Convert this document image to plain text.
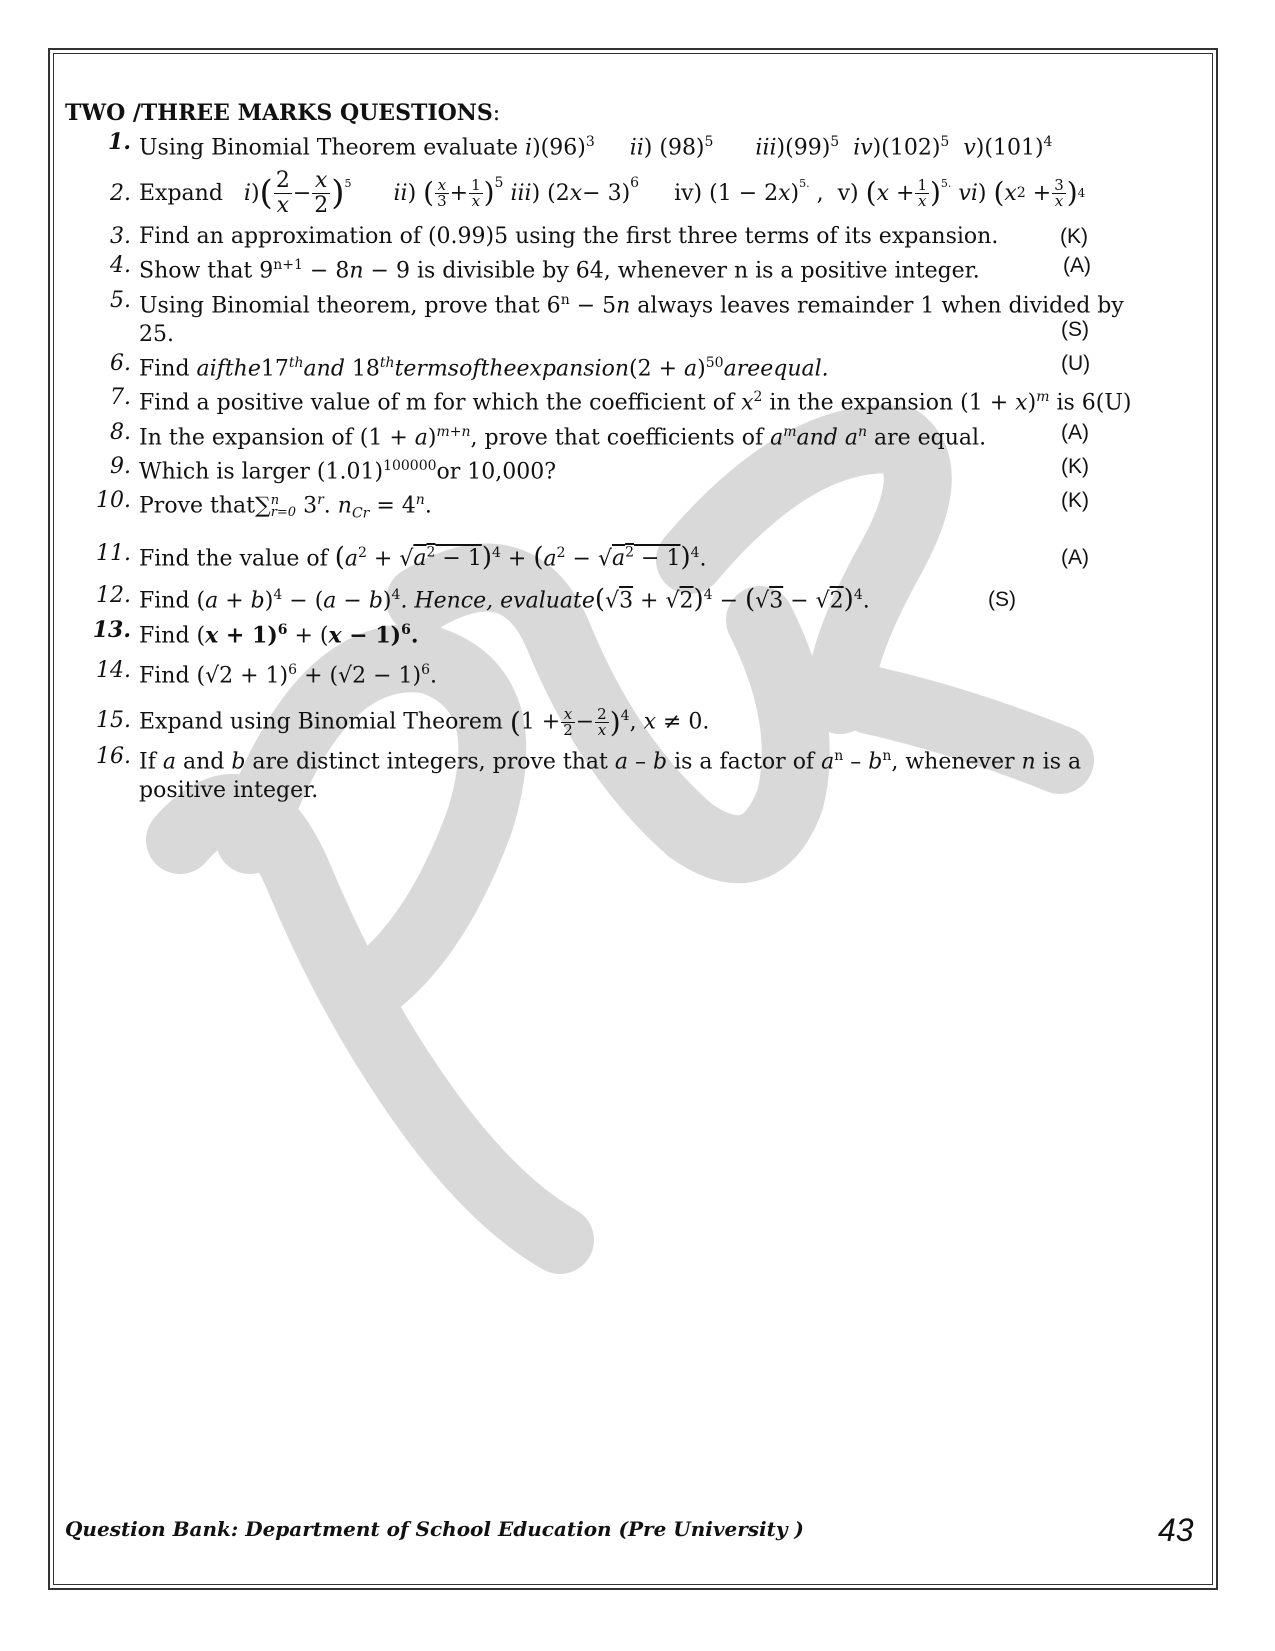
TWO /THREE MARKS QUESTIONS:
1. Using Binomial Theorem evaluate $i)(96)^3$ ii) $(98)^5$ $iii)(99)^5$ $iv)(102)^5$ $v)(101)^4$
2. Expand
i ) ( $\frac{2}{x} - \frac{x}{2} )^5$
ii ) ( $\frac{x}{3} + \frac{1}{x} )^5$
iii ) (2 x − 3)$^6$
iv)
(1 − 2 x )$^{5.}$ , v)
( $x + \frac{1}{x} )^{5.}$
vi ) ( x $2 + \frac{3}{x}$ ) 4
3. Find an approximation of (0.99)5 using the first three terms of its expansion.	(K)
4. Show that $9^{n+1} - 8n - 9$ is divisible by 64, whenever n is a positive integer.	(A)
5. Using Binomial theorem, prove that $6^n - 5n$ always leaves remainder 1 when divided by
25.	(S)
6. Find aifthe17thand 18thtermsoftheexpansion(2 + a)$^{50}$areequal.	(U)
7. Find a positive value of m for which the coefficient of $x^2$ in the expansion $(1 + x)^m$ is 6(U)
8. In the expansion of $(1 + a)^{m+n}$, prove that coefficients of $a^mand$ $a^n$ are equal.	(A)
9. Which is larger $(1.01)^{100000}or$ 10,000?	(K)
10. Prove that∑ n
r=0 3$^r$. $n_{Cr} = 4^n$.	(K)
11. Find the value of $(a^2 + √a^2 - 1)^4 + (a^2 - √a^2 - 1)^4$.	(A)
12. Find $(a + b)^4 - (a - b)^4$. Hence, evaluate(√3 + $√2)^4 - (√3 - √2)^4$.	(S)
13. Find $(x + 1)^6 + (x - 1)^6$.
14. Find $(√2 + 1)^6 + (√2 - 1)^6$.
15. Expand using Binomial Theorem $(1 + \frac{x}{2} - \frac{2}{x} )^4$, x ≠ 0.
16. If a and b are distinct integers, prove that a – b is a factor of $a^n - b^n$, whenever n is a
positive integer.
Question Bank: Department of School Education (Pre University )	43
